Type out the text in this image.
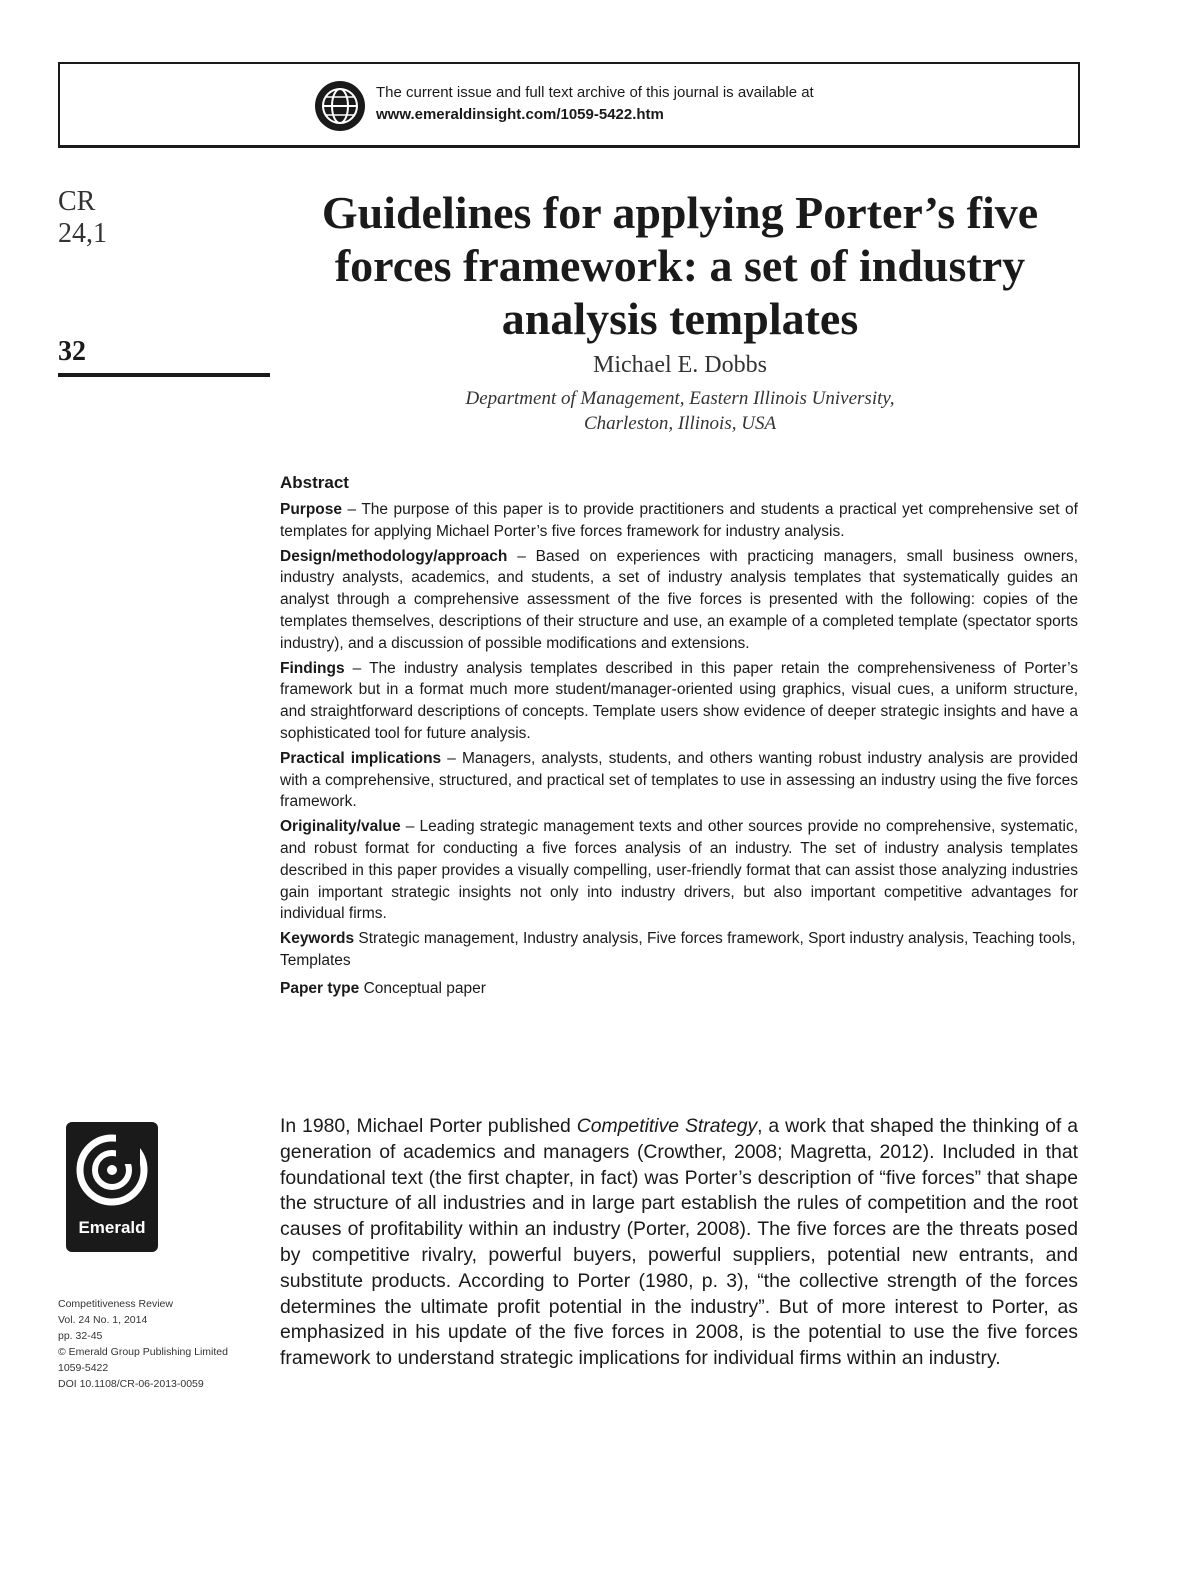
The current issue and full text archive of this journal is available at
www.emeraldinsight.com/1059-5422.htm
CR
24,1
32
Guidelines for applying Porter’s five forces framework: a set of industry analysis templates
Michael E. Dobbs
Department of Management, Eastern Illinois University,
Charleston, Illinois, USA
Abstract

Purpose – The purpose of this paper is to provide practitioners and students a practical yet comprehensive set of templates for applying Michael Porter’s five forces framework for industry analysis.

Design/methodology/approach – Based on experiences with practicing managers, small business owners, industry analysts, academics, and students, a set of industry analysis templates that systematically guides an analyst through a comprehensive assessment of the five forces is presented with the following: copies of the templates themselves, descriptions of their structure and use, an example of a completed template (spectator sports industry), and a discussion of possible modifications and extensions.

Findings – The industry analysis templates described in this paper retain the comprehensiveness of Porter’s framework but in a format much more student/manager-oriented using graphics, visual cues, a uniform structure, and straightforward descriptions of concepts. Template users show evidence of deeper strategic insights and have a sophisticated tool for future analysis.

Practical implications – Managers, analysts, students, and others wanting robust industry analysis are provided with a comprehensive, structured, and practical set of templates to use in assessing an industry using the five forces framework.

Originality/value – Leading strategic management texts and other sources provide no comprehensive, systematic, and robust format for conducting a five forces analysis of an industry. The set of industry analysis templates described in this paper provides a visually compelling, user-friendly format that can assist those analyzing industries gain important strategic insights not only into industry drivers, but also important competitive advantages for individual firms.

Keywords Strategic management, Industry analysis, Five forces framework, Sport industry analysis, Teaching tools, Templates
Paper type Conceptual paper
Emerald
Competitiveness Review
Vol. 24 No. 1, 2014
pp. 32-45
© Emerald Group Publishing Limited
1059-5422
DOI 10.1108/CR-06-2013-0059

In 1980, Michael Porter published Competitive Strategy, a work that shaped the thinking of a generation of academics and managers (Crowther, 2008; Magretta, 2012). Included in that foundational text (the first chapter, in fact) was Porter’s description of “five forces” that shape the structure of all industries and in large part establish the rules of competition and the root causes of profitability within an industry (Porter, 2008). The five forces are the threats posed by competitive rivalry, powerful buyers, powerful suppliers, potential new entrants, and substitute products. According to Porter (1980, p. 3), “the collective strength of the forces determines the ultimate profit potential in the industry”. But of more interest to Porter, as emphasized in his update of the five forces in 2008, is the potential to use the five forces framework to understand strategic implications for individual firms within an industry.
